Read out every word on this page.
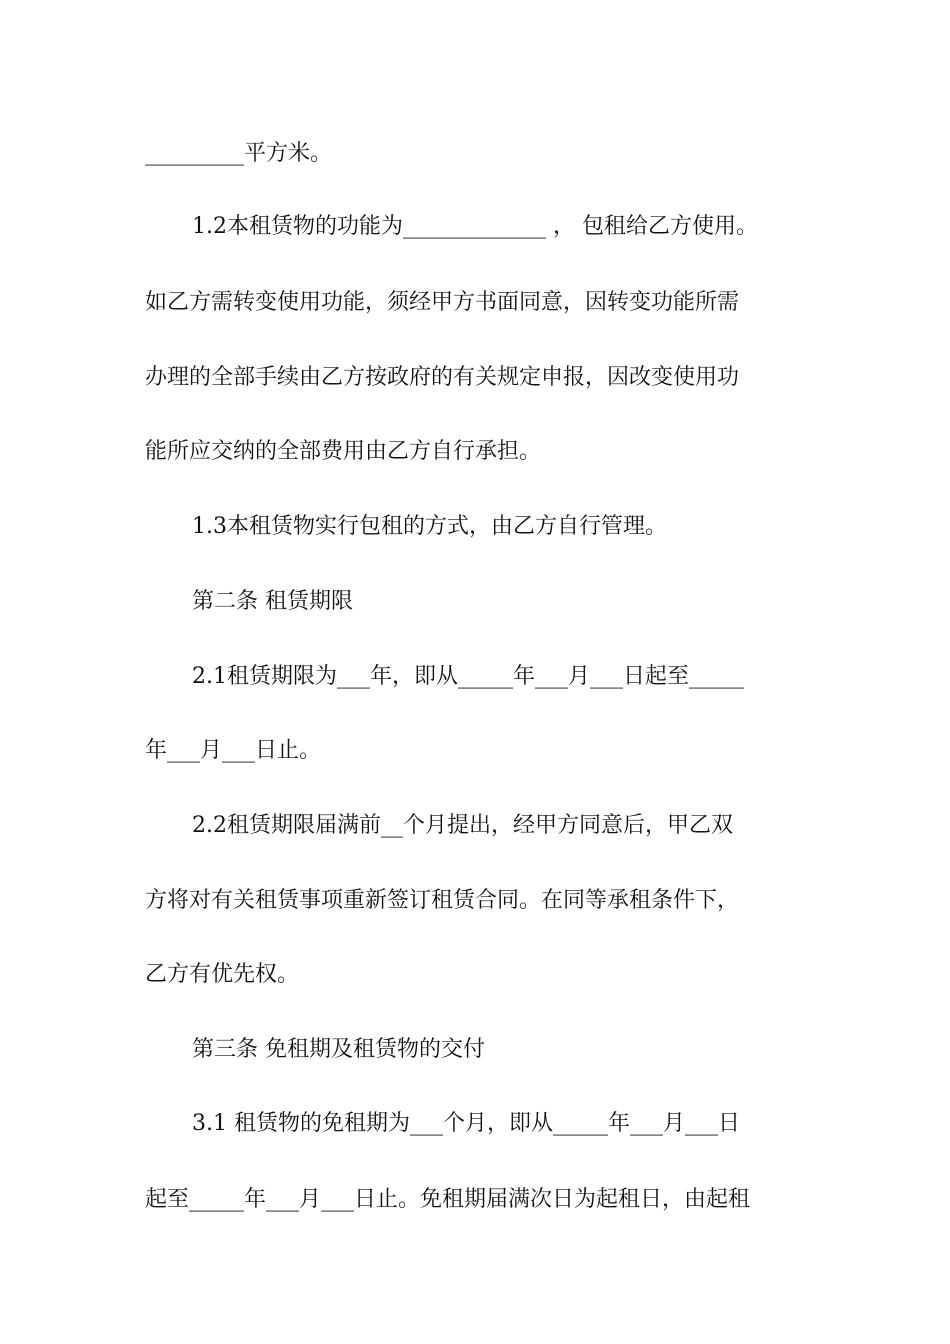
_________平方米。
1.2本租赁物的功能为_____________ ， 包租给乙方使用。
如乙方需转变使用功能，须经甲方书面同意，因转变功能所需
办理的全部手续由乙方按政府的有关规定申报，因改变使用功
能所应交纳的全部费用由乙方自行承担。
1.3本租赁物实行包租的方式，由乙方自行管理。
第二条 租赁期限
2.1租赁期限为___年，即从_____年___月___日起至_____
年___月___日止。
2.2租赁期限届满前__个月提出，经甲方同意后，甲乙双
方将对有关租赁事项重新签订租赁合同。在同等承租条件下，
乙方有优先权。
第三条 免租期及租赁物的交付
3.1 租赁物的免租期为___个月，即从_____年___月___日
起至_____年___月___日止。免租期届满次日为起租日，由起租
